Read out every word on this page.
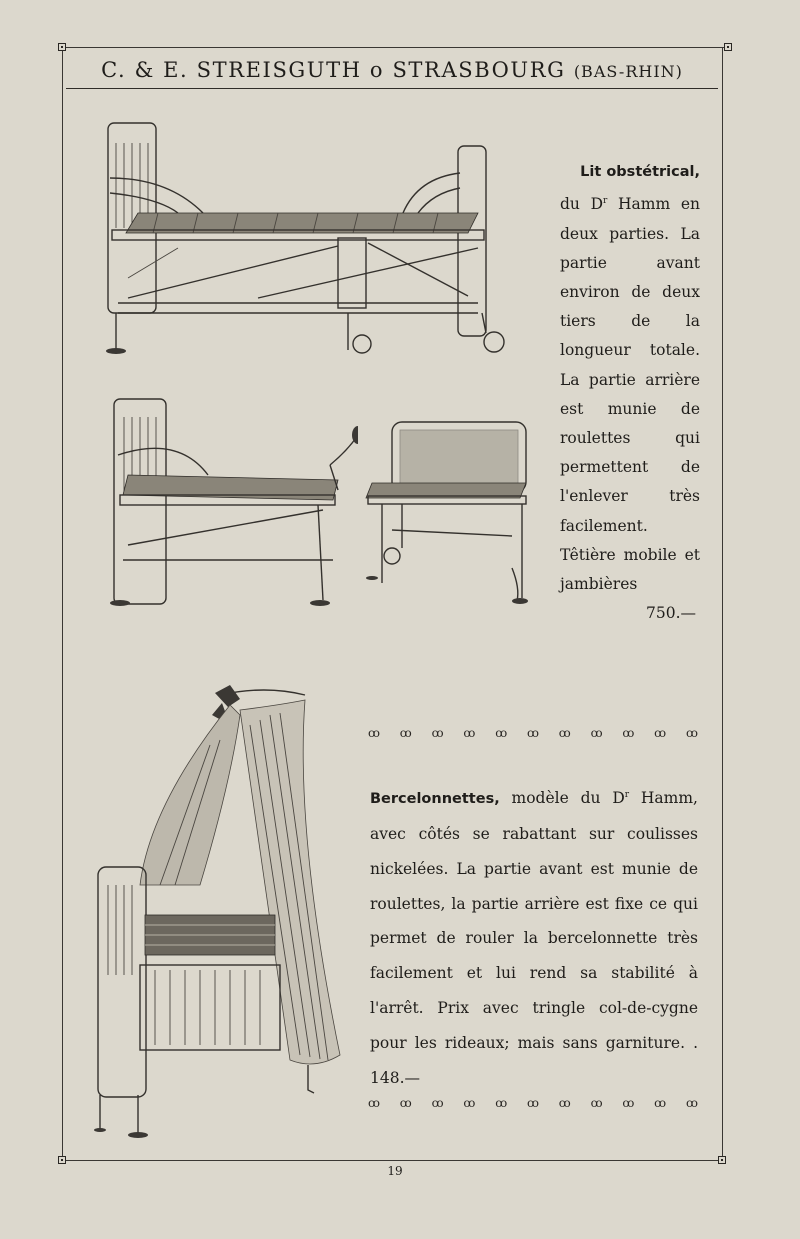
C. & E. STREISGUTH o STRASBOURG (BAS-RHIN)

Lit obstétrical,

du $D^r$ Hamm en deux parties. La partie avant environ de deux tiers de la longueur totale. La partie arrière est munie de roulettes qui permettent de l'enlever très facilement. Têtière mobile et jambières

750.—

ꝏ ꝏ ꝏ ꝏ ꝏ ꝏ ꝏ ꝏ ꝏ ꝏ ꝏ

Bercelonnettes, modèle du $D^r$ Hamm, avec côtés se rabattant sur coulisses nickelées. La partie avant est munie de roulettes, la partie arrière est fixe ce qui permet de rouler la bercelonnette très facilement et lui rend sa stabilité à l'arrêt. Prix avec tringle col-de-cygne pour les rideaux; mais sans garniture. . 148.—

ꝏ ꝏ ꝏ ꝏ ꝏ ꝏ ꝏ ꝏ ꝏ ꝏ ꝏ
19
